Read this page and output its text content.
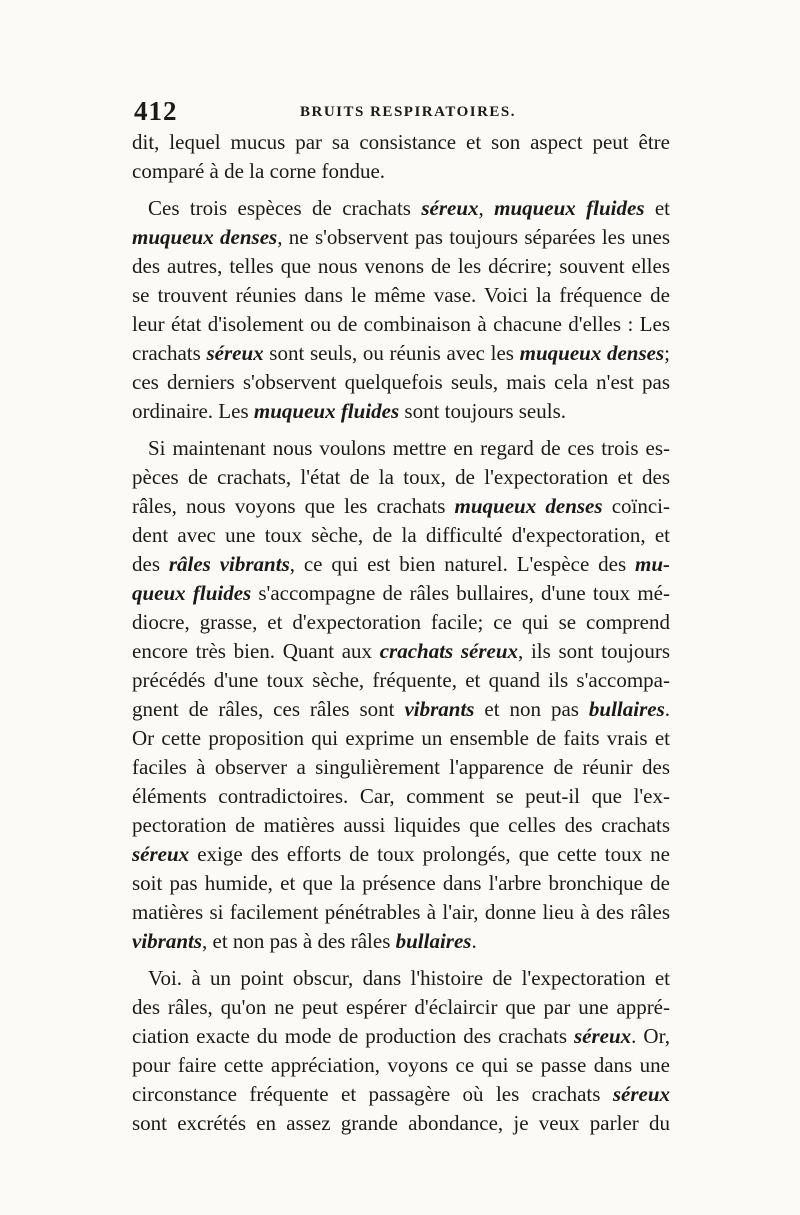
412	BRUITS RESPIRATOIRES.
dit, lequel mucus par sa consistance et son aspect peut être
comparé à de la corne fondue.
Ces trois espèces de crachats séreux, muqueux fluides et
muqueux denses, ne s'observent pas toujours séparées les unes
des autres, telles que nous venons de les décrire; souvent elles
se trouvent réunies dans le même vase. Voici la fréquence de
leur état d'isolement ou de combinaison à chacune d'elles : Les
crachats séreux sont seuls, ou réunis avec les muqueux denses;
ces derniers s'observent quelquefois seuls, mais cela n'est pas
ordinaire. Les muqueux fluides sont toujours seuls.
Si maintenant nous voulons mettre en regard de ces trois es-
pèces de crachats, l'état de la toux, de l'expectoration et des
râles, nous voyons que les crachats muqueux denses coïnci-
dent avec une toux sèche, de la difficulté d'expectoration, et
des râles vibrants, ce qui est bien naturel. L'espèce des mu-
queux fluides s'accompagne de râles bullaires, d'une toux mé-
diocre, grasse, et d'expectoration facile; ce qui se comprend
encore très bien. Quant aux crachats séreux, ils sont toujours
précédés d'une toux sèche, fréquente, et quand ils s'accompa-
gnent de râles, ces râles sont vibrants et non pas bullaires.
Or cette proposition qui exprime un ensemble de faits vrais et
faciles à observer a singulièrement l'apparence de réunir des
éléments contradictoires. Car, comment se peut-il que l'ex-
pectoration de matières aussi liquides que celles des crachats
séreux exige des efforts de toux prolongés, que cette toux ne
soit pas humide, et que la présence dans l'arbre bronchique de
matières si facilement pénétrables à l'air, donne lieu à des râles
vibrants, et non pas à des râles bullaires.
Voi. à un point obscur, dans l'histoire de l'expectoration et
des râles, qu'on ne peut espérer d'éclaircir que par une appré-
ciation exacte du mode de production des crachats séreux. Or,
pour faire cette appréciation, voyons ce qui se passe dans une
circonstance fréquente et passagère où les crachats séreux
sont excrétés en assez grande abondance, je veux parler du
